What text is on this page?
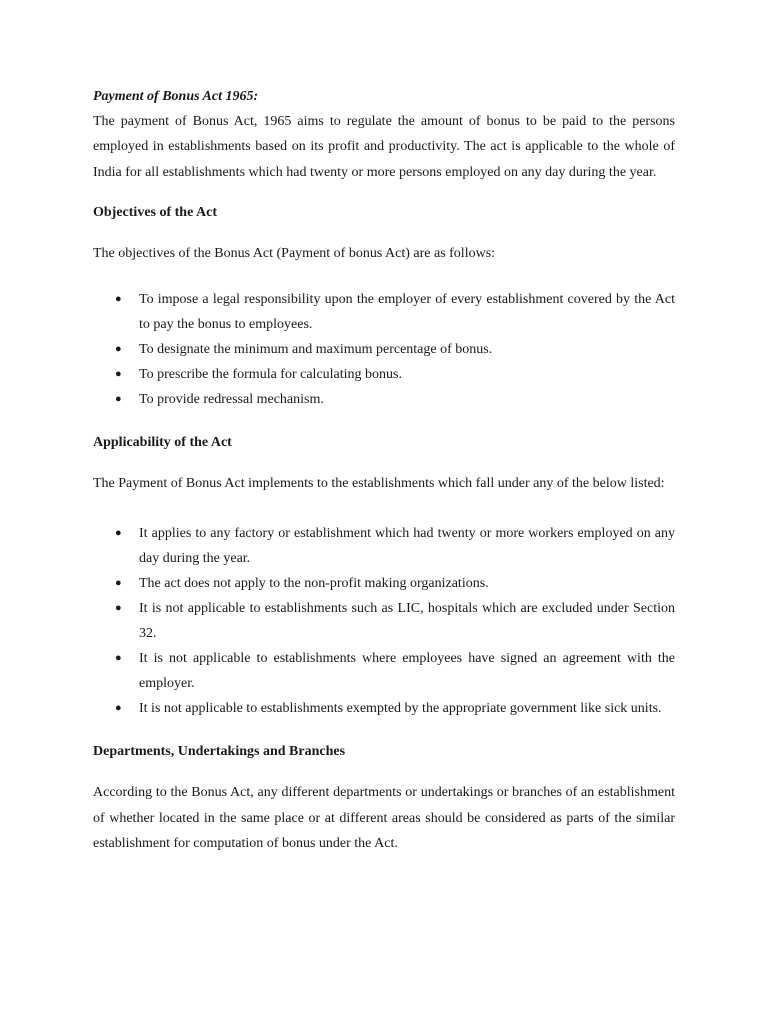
Payment of Bonus Act 1965:

The payment of Bonus Act, 1965 aims to regulate the amount of bonus to be paid to the persons employed in establishments based on its profit and productivity. The act is applicable to the whole of India for all establishments which had twenty or more persons employed on any day during the year.

Objectives of the Act

The objectives of the Bonus Act (Payment of bonus Act) are as follows:

● To impose a legal responsibility upon the employer of every establishment covered by the Act to pay the bonus to employees.
● To designate the minimum and maximum percentage of bonus.
● To prescribe the formula for calculating bonus.
● To provide redressal mechanism.

Applicability of the Act

The Payment of Bonus Act implements to the establishments which fall under any of the below listed:

● It applies to any factory or establishment which had twenty or more workers employed on any day during the year.
● The act does not apply to the non-profit making organizations.
● It is not applicable to establishments such as LIC, hospitals which are excluded under Section 32.
● It is not applicable to establishments where employees have signed an agreement with the employer.
● It is not applicable to establishments exempted by the appropriate government like sick units.

Departments, Undertakings and Branches

According to the Bonus Act, any different departments or undertakings or branches of an establishment of whether located in the same place or at different areas should be considered as parts of the similar establishment for computation of bonus under the Act.
